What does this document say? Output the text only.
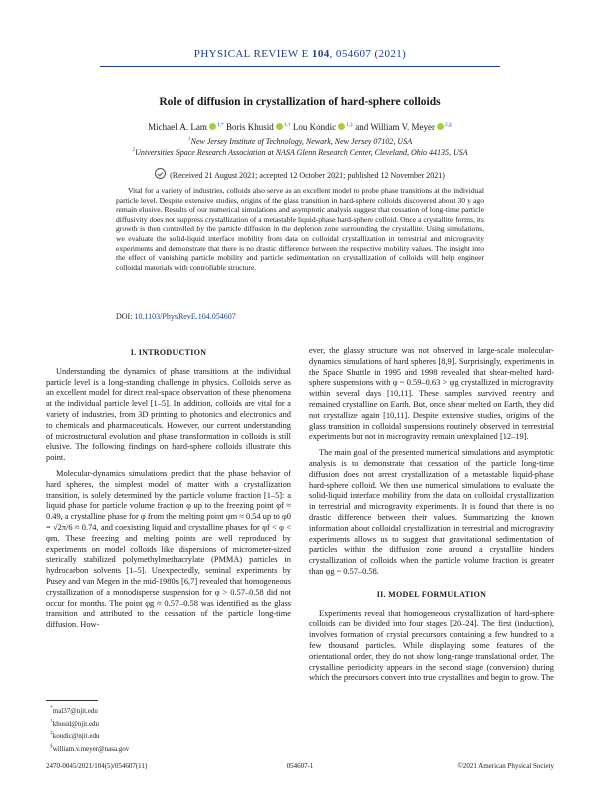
PHYSICAL REVIEW E 104, 054607 (2021)
Role of diffusion in crystallization of hard-sphere colloids
Michael A. Lam $^{1,*}$ Boris Khusid $^{1,\dagger}$ Lou Kondic $^{1,\ddagger}$ and William V. Meyer $^{2,\S}$
$^1$New Jersey Institute of Technology, Newark, New Jersey 07102, USA
$^2$Universities Space Research Association at NASA Glenn Research Center, Cleveland, Ohio 44135, USA
(Received 21 August 2021; accepted 12 October 2021; published 12 November 2021)

Vital for a variety of industries, colloids also serve as an excellent model to probe phase transitions at the individual particle level. Despite extensive studies, origins of the glass transition in hard-sphere colloids discovered about 30 y ago remain elusive. Results of our numerical simulations and asymptotic analysis suggest that cessation of long-time particle diffusivity does not suppress crystallization of a metastable liquid-phase hard-sphere colloid. Once a crystallite forms, its growth is then controlled by the particle diffusion in the depletion zone surrounding the crystallite. Using simulations, we evaluate the solid-liquid interface mobility from data on colloidal crystallization in terrestrial and microgravity experiments and demonstrate that there is no drastic difference between the respective mobility values. The insight into the effect of vanishing particle mobility and particle sedimentation on crystallization of colloids will help engineer colloidal materials with controllable structure.

DOI: 10.1103/PhysRevE.104.054607
I. INTRODUCTION

Understanding the dynamics of phase transitions at the individual particle level is a long-standing challenge in physics. Colloids serve as an excellent model for direct real-space observation of these phenomena at the individual particle level [1–5]. In addition, colloids are vital for a variety of industries, from 3D printing to photonics and electronics and to chemicals and pharmaceuticals. However, our current understanding of microstructural evolution and phase transformation in colloids is still elusive. The following findings on hard-sphere colloids illustrate this point.

Molecular-dynamics simulations predict that the phase behavior of hard spheres, the simplest model of matter with a crystallization transition, is solely determined by the particle volume fraction [1–5]: a liquid phase for particle volume fraction φ up to the freezing point φf ≈ 0.49, a crystalline phase for φ from the melting point φm ≈ 0.54 up to φ0 = √2π/6 ≈ 0.74, and coexisting liquid and crystalline phases for φf < φ < φm. These freezing and melting points are well reproduced by experiments on model colloids like dispersions of micrometer-sized sterically stabilized polymethylmethacrylate (PMMA) particles in hydrocarbon solvents [1–5]. Unexpectedly, seminal experiments by Pusey and van Megen in the mid-1980s [6,7] revealed that homogeneous crystallization of a monodisperse suspension for φ > 0.57–0.58 did not occur for months. The point φg ≈ 0.57–0.58 was identified as the glass transition and attributed to the cessation of the particle long-time diffusion. How-

ever, the glassy structure was not observed in large-scale molecular-dynamics simulations of hard spheres [8,9]. Surprisingly, experiments in the Space Shuttle in 1995 and 1998 revealed that shear-melted hard-sphere suspensions with φ ~ 0.59–0.63 > φg crystallized in microgravity within several days [10,11]. These samples survived reentry and remained crystalline on Earth. But, once shear melted on Earth, they did not crystallize again [10,11]. Despite extensive studies, origins of the glass transition in colloidal suspensions routinely observed in terrestrial experiments but not in microgravity remain unexplained [12–19].

The main goal of the presented numerical simulations and asymptotic analysis is to demonstrate that cessation of the particle long-time diffusion does not arrest crystallization of a metastable liquid-phase hard-sphere colloid. We then use numerical simulations to evaluate the solid-liquid interface mobility from the data on colloidal crystallization in terrestrial and microgravity experiments. It is found that there is no drastic difference between their values. Summarizing the known information about colloidal crystallization in terrestrial and microgravity experiments allows us to suggest that gravitational sedimentation of particles within the diffusion zone around a crystallite hinders crystallization of colloids when the particle volume fraction is greater than φg ~ 0.57–0.58.

II. MODEL FORMULATION

Experiments reveal that homogeneous crystallization of hard-sphere colloids can be divided into four stages [20–24]. The first (induction), involves formation of crystal precursors containing a few hundred to a few thousand particles. While displaying some features of the orientational order, they do not show long-range translational order. The crystalline periodicity appears in the second stage (conversion) during which the precursors convert into true crystallites and begin to grow. The

*mal37@njit.edu
†khusid@njit.edu
‡kondic@njit.edu
§william.v.meyer@nasa.gov
2470-0045/2021/104(5)/054607(11)	054607-1	©2021 American Physical Society
